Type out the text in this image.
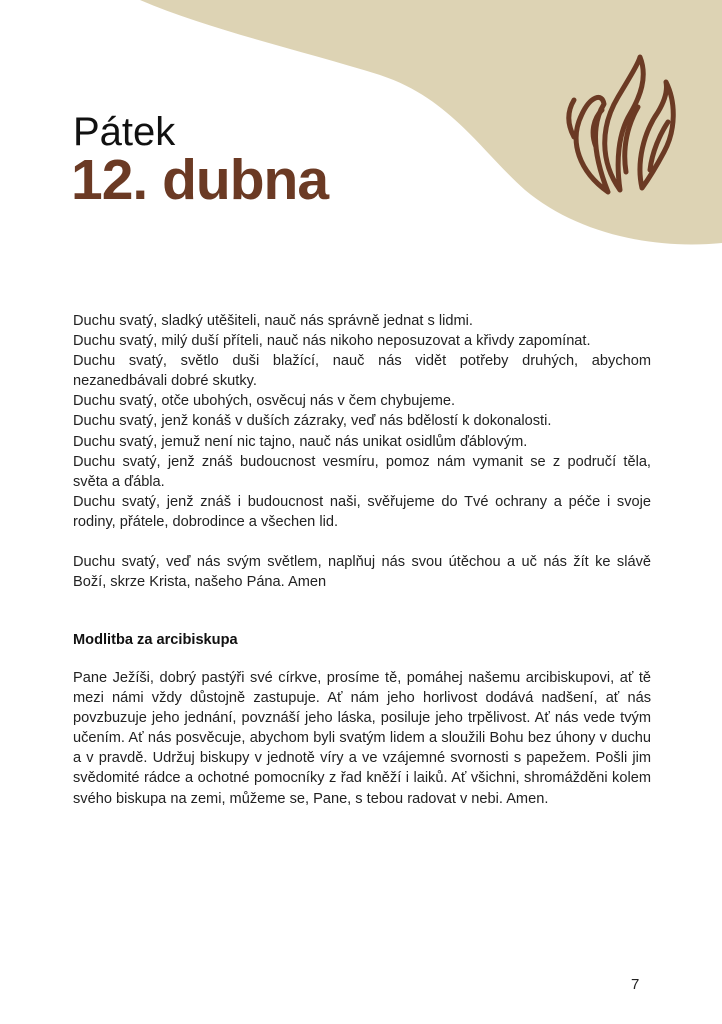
Pátek
12. dubna

Duchu svatý, sladký utěšiteli, nauč nás správně jednat s lidmi.

Duchu svatý, milý duší příteli, nauč nás nikoho neposuzovat a křivdy zapomínat.

Duchu svatý, světlo duši blažící, nauč nás vidět potřeby druhých, abychom nezanedbávali dobré skutky.

Duchu svatý, otče ubohých, osvěcuj nás v čem chybujeme.

Duchu svatý, jenž konáš v duších zázraky, veď nás bdělostí k dokonalosti.

Duchu svatý, jemuž není nic tajno, nauč nás unikat osidlům ďáblovým.

Duchu svatý, jenž znáš budoucnost vesmíru, pomoz nám vymanit se z područí těla, světa a ďábla.

Duchu svatý, jenž znáš i budoucnost naši, svěřujeme do Tvé ochrany a péče i svoje rodiny, přátele, dobrodince a všechen lid.

Duchu svatý, veď nás svým světlem, naplňuj nás svou útěchou a uč nás žít ke slávě Boží, skrze Krista, našeho Pána. Amen

Modlitba za arcibiskupa

Pane Ježíši, dobrý pastýři své církve, prosíme tě, pomáhej našemu arcibiskupovi, ať tě mezi námi vždy důstojně zastupuje. Ať nám jeho horlivost dodává nadšení, ať nás povzbuzuje jeho jednání, povznáší jeho láska, posiluje jeho trpělivost. Ať nás vede tvým učením. Ať nás posvěcuje, abychom byli svatým lidem a sloužili Bohu bez úhony v duchu a v pravdě. Udržuj biskupy v jednotě víry a ve vzájemné svornosti s papežem. Pošli jim svědomité rádce a ochotné pomocníky z řad kněží i laiků. Ať všichni, shromážděni kolem svého biskupa na zemi, můžeme se, Pane, s tebou radovat v nebi. Amen.

7
